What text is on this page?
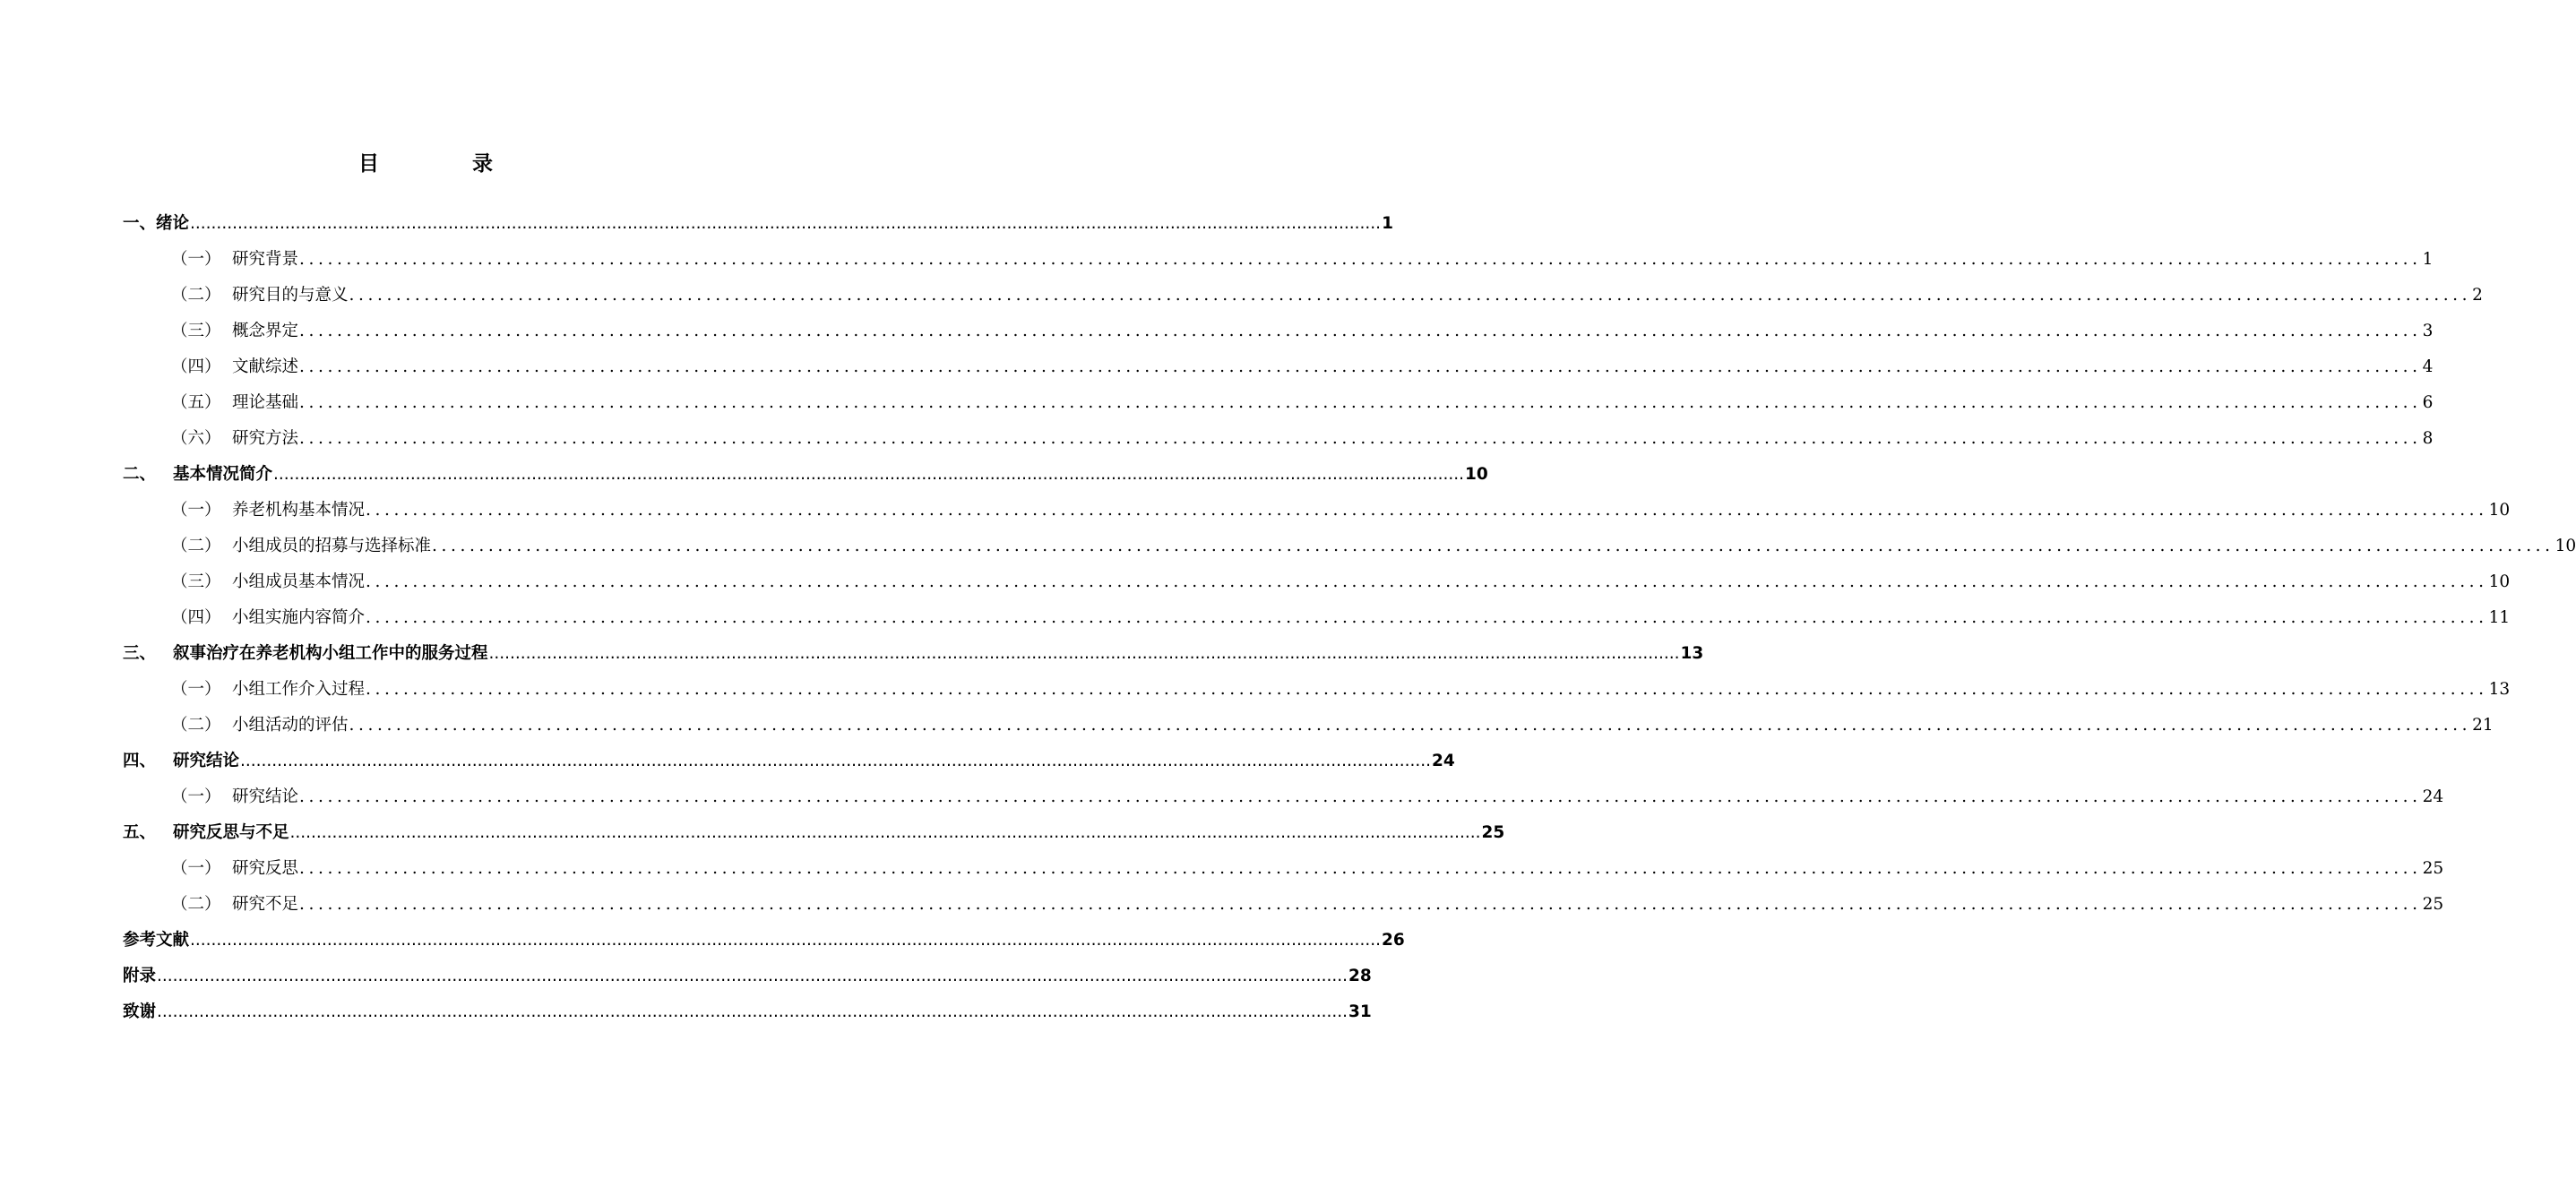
目录
一、 绪论 .................................................................................................................................................................................................................................. 1
（一） 研究背景 .................................................................................................................................................................................................................................. 1
（二） 研究目的与意义 .................................................................................................................................................................................................................................. 2
（三） 概念界定 .................................................................................................................................................................................................................................. 3
（四） 文献综述 .................................................................................................................................................................................................................................. 4
（五） 理论基础 .................................................................................................................................................................................................................................. 6
（六） 研究方法 .................................................................................................................................................................................................................................. 8
二、	基本情况简介 .................................................................................................................................................................................................................................. 10
（一） 养老机构基本情况 .................................................................................................................................................................................................................................. 10
（二） 小组成员的招募与选择标准 .................................................................................................................................................................................................................................. 10
（三） 小组成员基本情况 .................................................................................................................................................................................................................................. 10
（四） 小组实施内容简介 .................................................................................................................................................................................................................................. 11
三、	叙事治疗在养老机构小组工作中的服务过程 .................................................................................................................................................................................................................................. 13
（一） 小组工作介入过程 .................................................................................................................................................................................................................................. 13
（二） 小组活动的评估 .................................................................................................................................................................................................................................. 21
四、	研究结论 .................................................................................................................................................................................................................................. 24
（一） 研究结论 .................................................................................................................................................................................................................................. 24
五、	研究反思与不足 .................................................................................................................................................................................................................................. 25
（一） 研究反思 .................................................................................................................................................................................................................................. 25
（二） 研究不足 .................................................................................................................................................................................................................................. 25
参考文献 .................................................................................................................................................................................................................................. 26
附录 .................................................................................................................................................................................................................................. 28
致谢 .................................................................................................................................................................................................................................. 31
